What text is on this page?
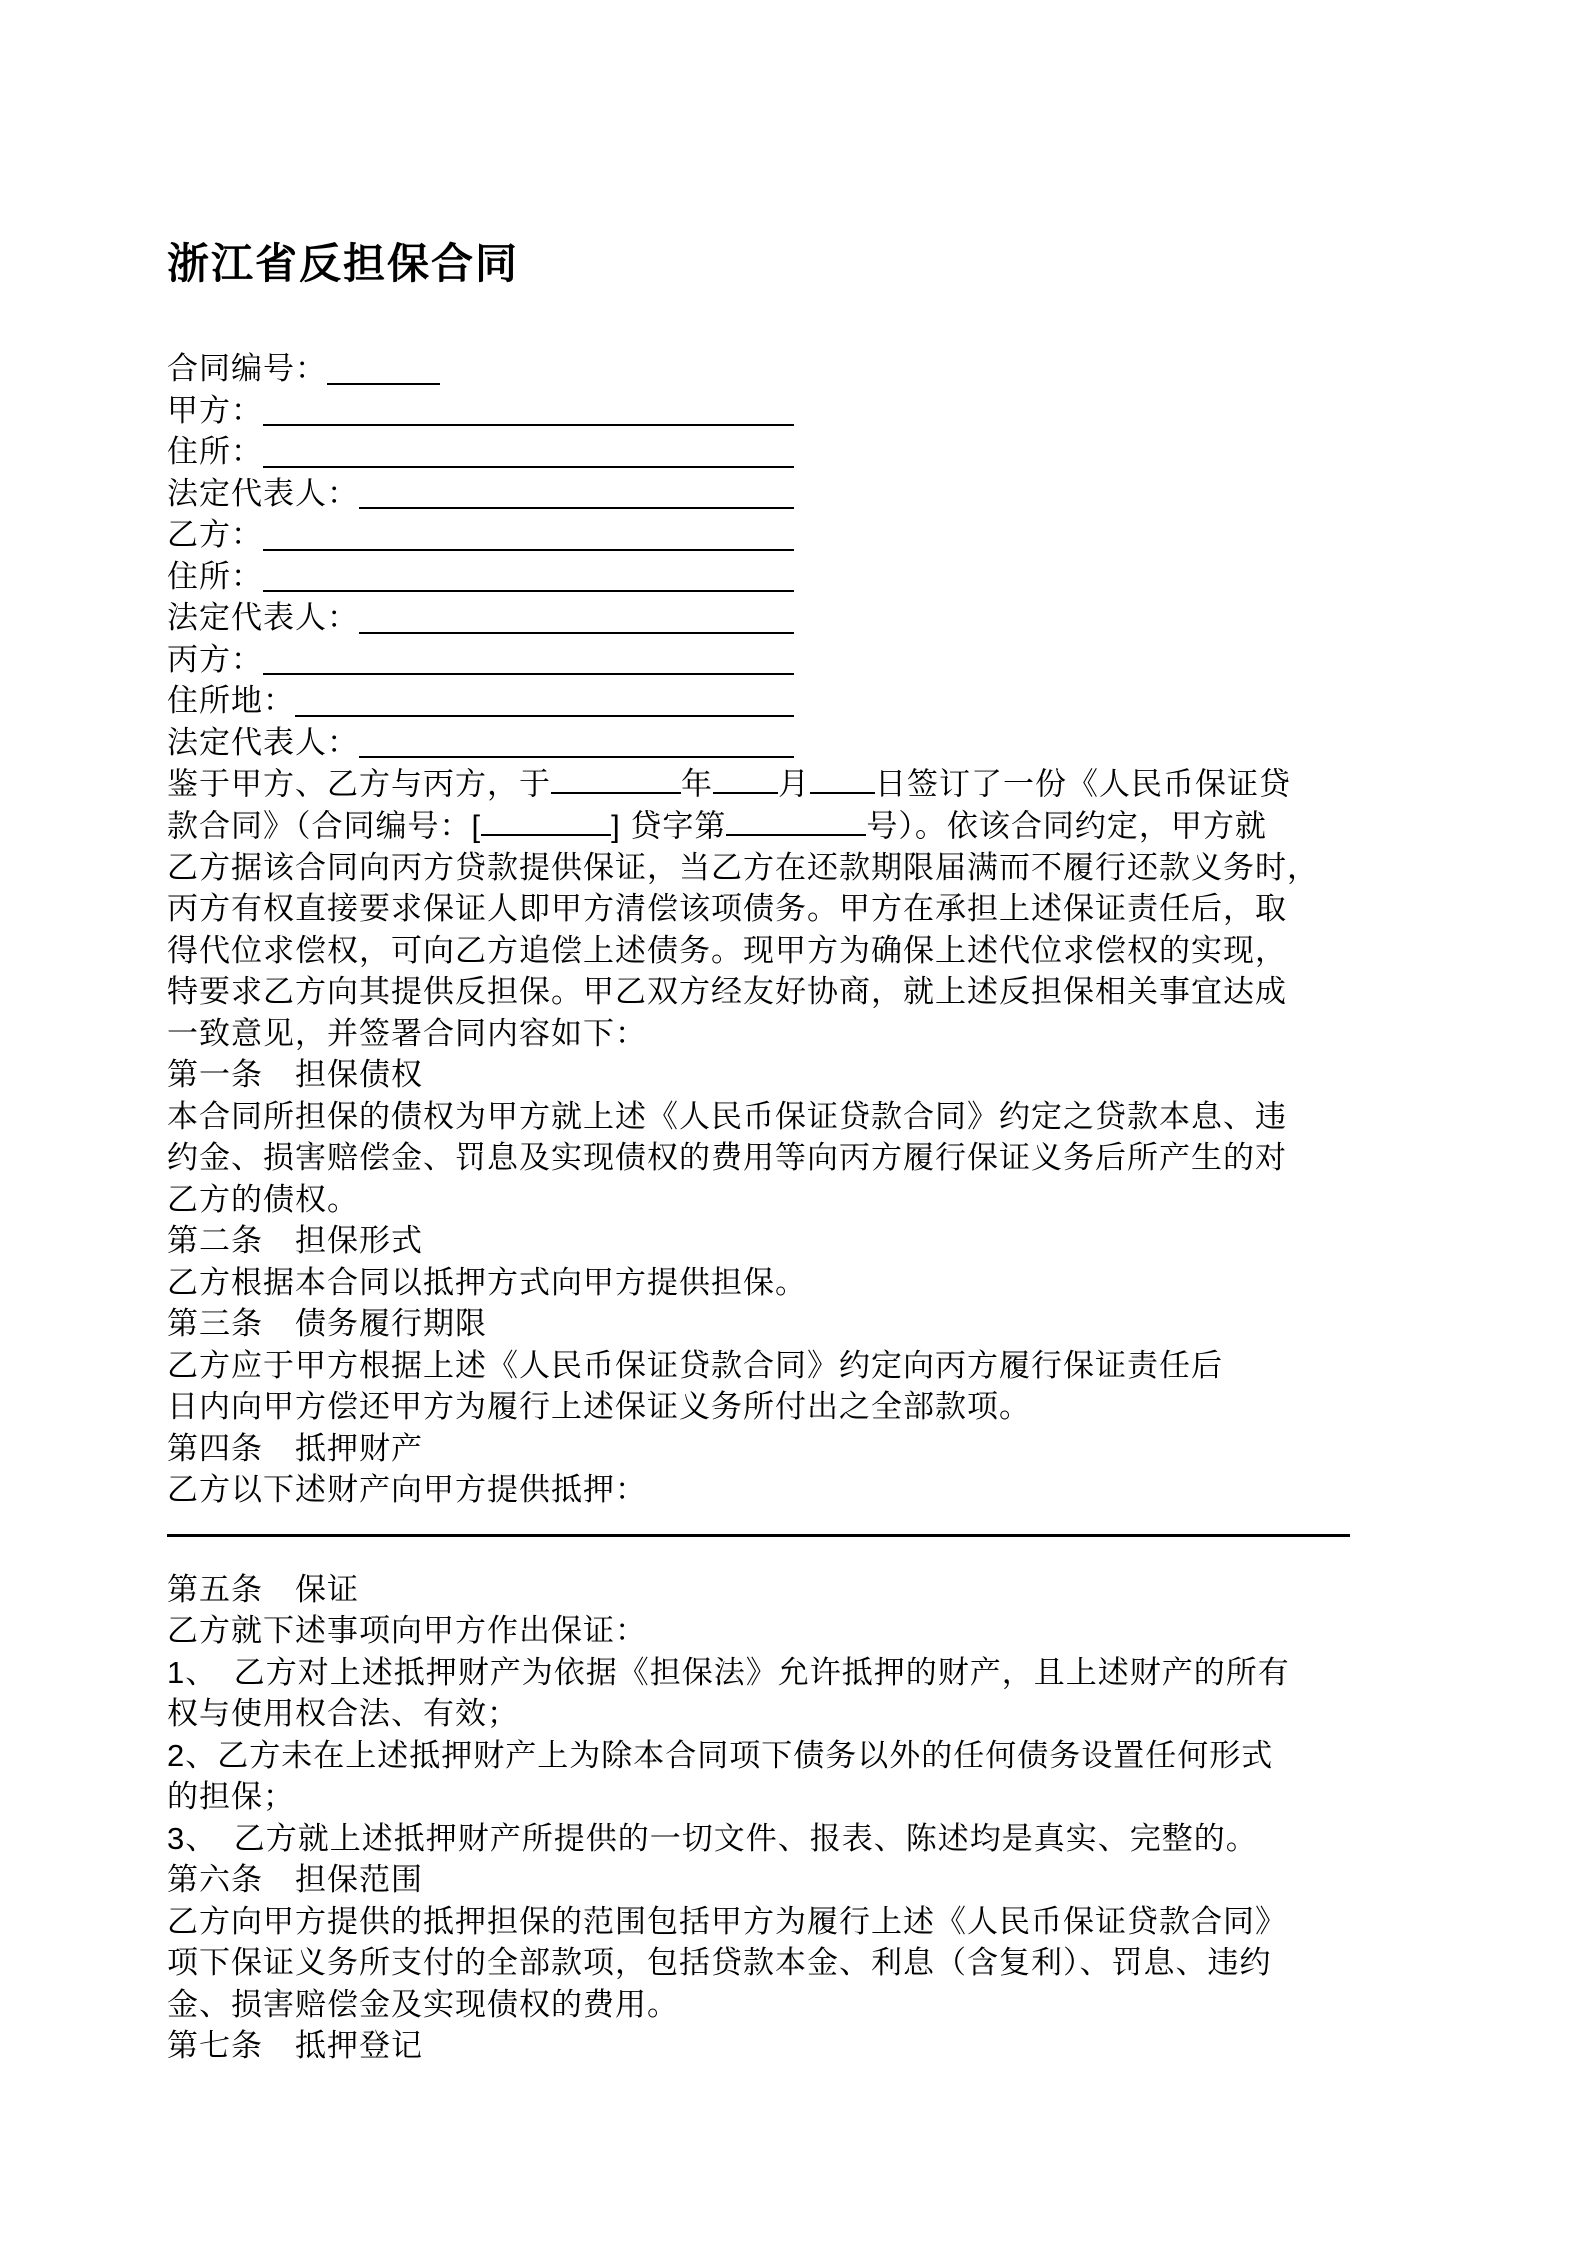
浙江省反担保合同
合同编号：
甲方：
住所：
法定代表人：
乙方：
住所：
法定代表人：
丙方：
住所地：
法定代表人：
鉴于甲方、乙方与丙方，于	年 月 日签订了一份《人民币保证贷
款合同》（合同编号：[	] 贷字第	号）。依该合同约定，甲方就
乙方据该合同向丙方贷款提供保证，当乙方在还款期限届满而不履行还款义务时，
丙方有权直接要求保证人即甲方清偿该项债务。甲方在承担上述保证责任后，取
得代位求偿权，可向乙方追偿上述债务。现甲方为确保上述代位求偿权的实现，
特要求乙方向其提供反担保。甲乙双方经友好协商，就上述反担保相关事宜达成
一致意见，并签署合同内容如下：
第一条　担保债权
本合同所担保的债权为甲方就上述《人民币保证贷款合同》约定之贷款本息、违
约金、损害赔偿金、罚息及实现债权的费用等向丙方履行保证义务后所产生的对
乙方的债权。
第二条　担保形式
乙方根据本合同以抵押方式向甲方提供担保。
第三条　债务履行期限
乙方应于甲方根据上述《人民币保证贷款合同》约定向丙方履行保证责任后
日内向甲方偿还甲方为履行上述保证义务所付出之全部款项。
第四条　抵押财产
乙方以下述财产向甲方提供抵押：
第五条　保证
乙方就下述事项向甲方作出保证：
1、　乙方对上述抵押财产为依据《担保法》允许抵押的财产，且上述财产的所有
权与使用权合法、有效；
2、乙方未在上述抵押财产上为除本合同项下债务以外的任何债务设置任何形式
的担保；
3、　乙方就上述抵押财产所提供的一切文件、报表、陈述均是真实、完整的。
第六条　担保范围
乙方向甲方提供的抵押担保的范围包括甲方为履行上述《人民币保证贷款合同》
项下保证义务所支付的全部款项，包括贷款本金、利息（含复利）、罚息、违约
金、损害赔偿金及实现债权的费用。
第七条　抵押登记
